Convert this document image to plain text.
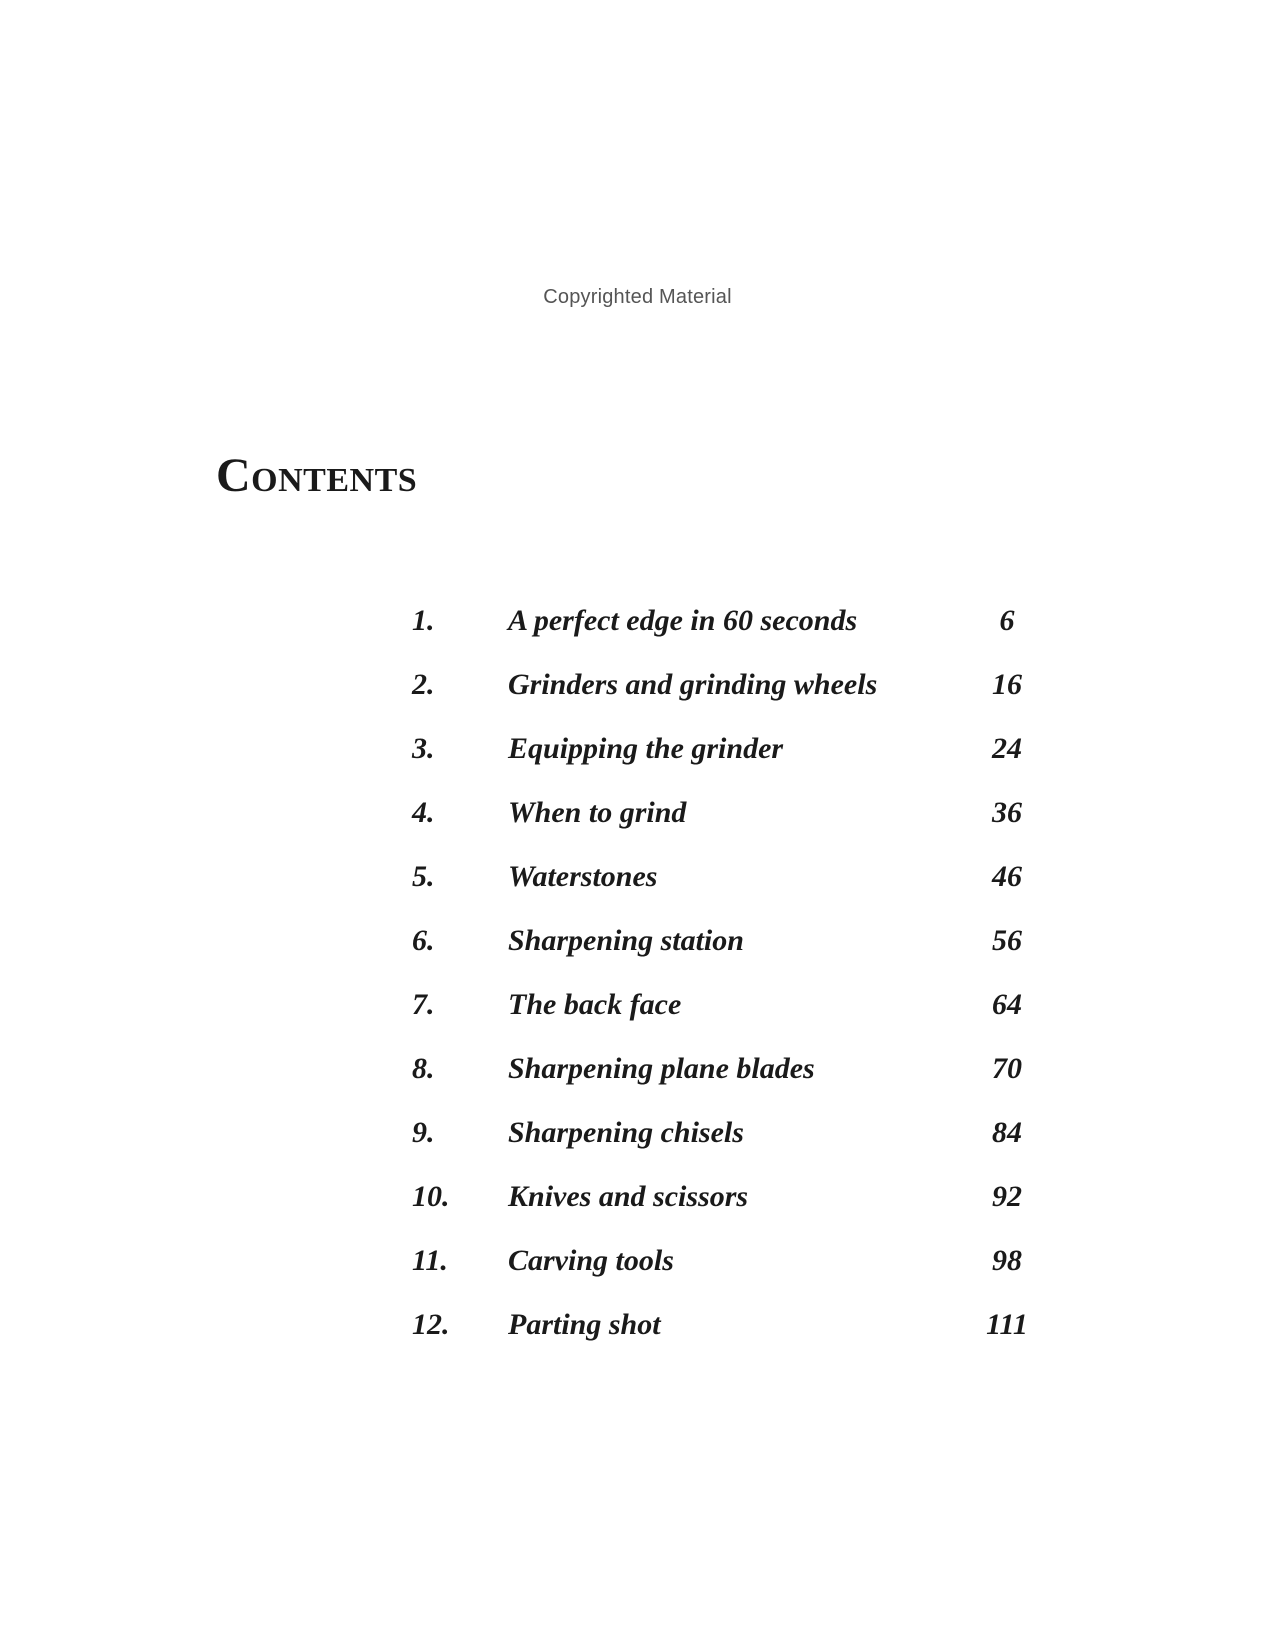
Copyrighted Material
Contents
1.	A perfect edge in 60 seconds	6
2.	Grinders and grinding wheels	16
3.	Equipping the grinder	24
4.	When to grind	36
5.	Waterstones	46
6.	Sharpening station	56
7.	The back face	64
8.	Sharpening plane blades	70
9.	Sharpening chisels	84
10.	Knives and scissors	92
11.	Carving tools	98
12.	Parting shot	111
